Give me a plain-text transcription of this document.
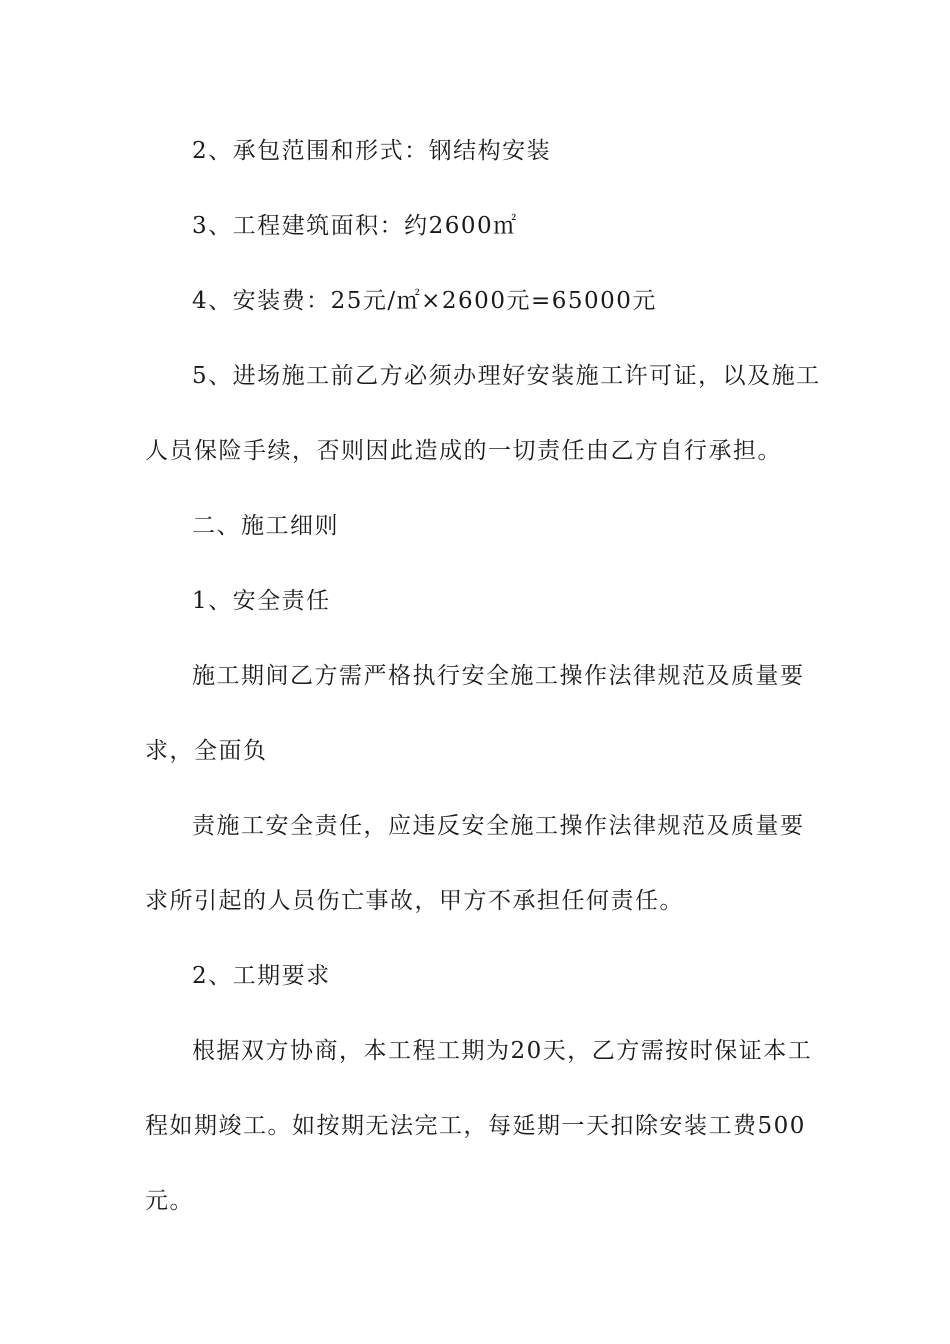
2、承包范围和形式：钢结构安装
3、工程建筑面积：约2600㎡
4、安装费：25元/㎡×2600元=65000元
5、进场施工前乙方必须办理好安装施工许可证，以及施工
人员保险手续，否则因此造成的一切责任由乙方自行承担。
二、施工细则
1、安全责任
施工期间乙方需严格执行安全施工操作法律规范及质量要
求，全面负
责施工安全责任，应违反安全施工操作法律规范及质量要
求所引起的人员伤亡事故，甲方不承担任何责任。
2、工期要求
根据双方协商，本工程工期为20天，乙方需按时保证本工
程如期竣工。如按期无法完工，每延期一天扣除安装工费500
元。
